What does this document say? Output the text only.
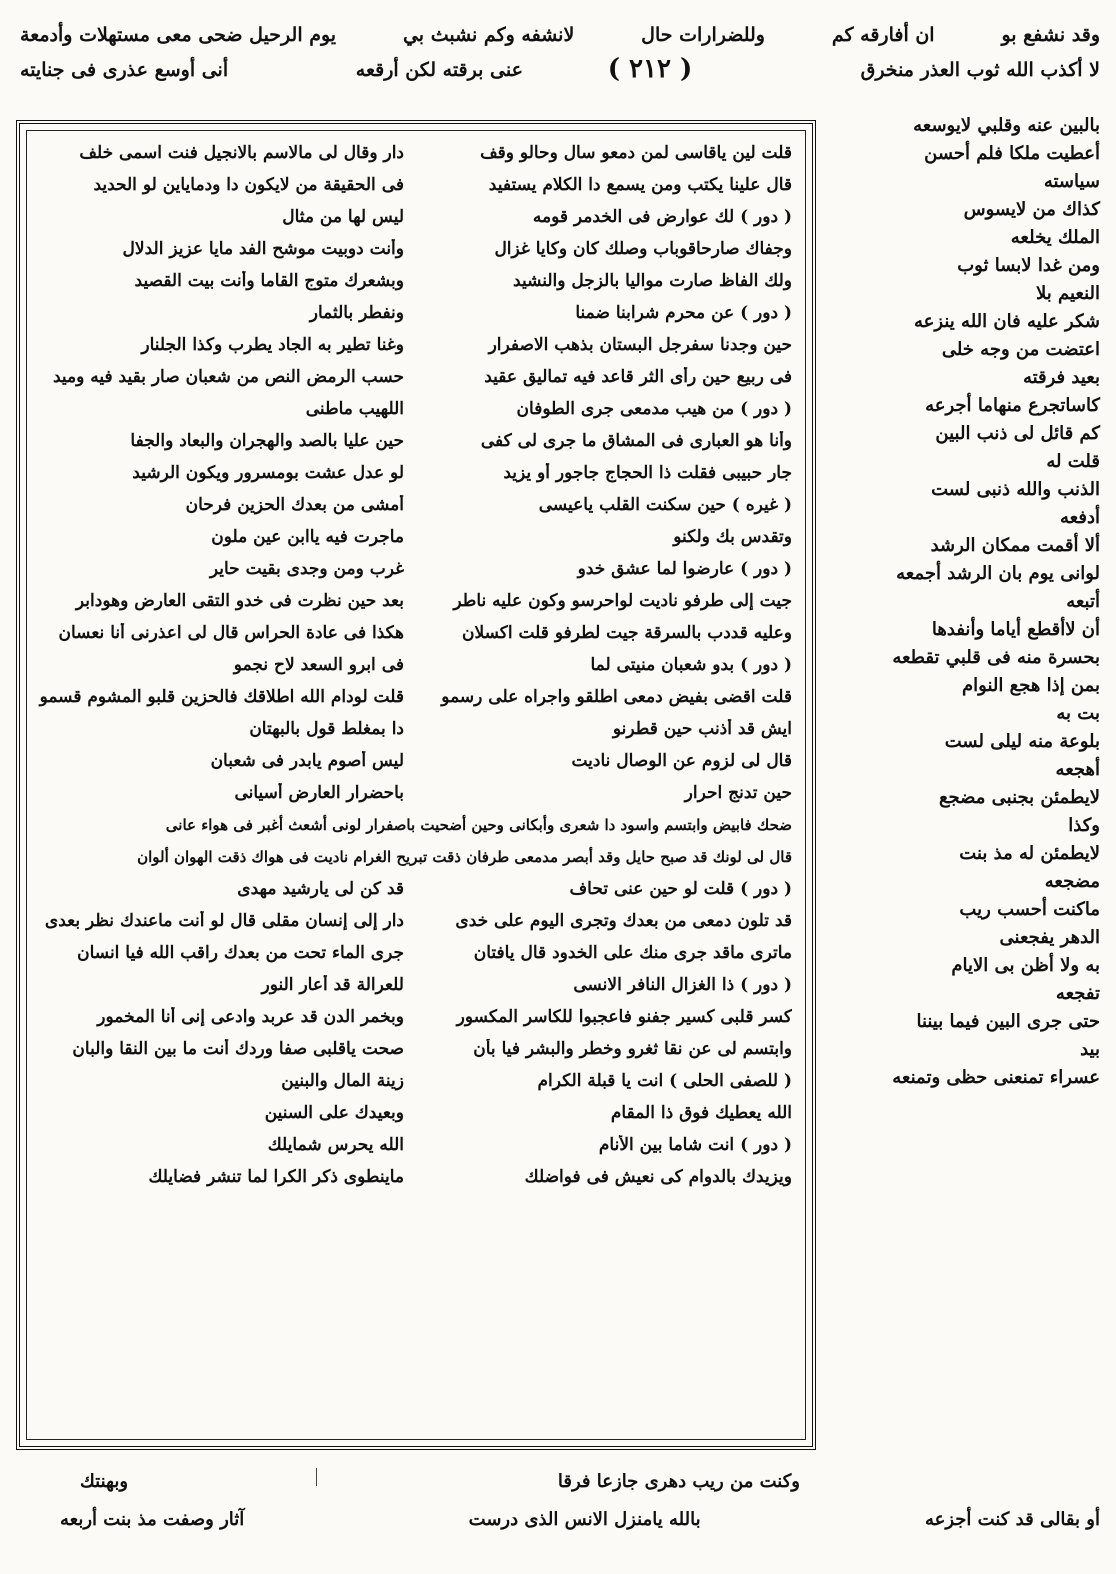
وقد نشفع بو
ان أفارقه كم
وللضرارات حال
لانشفه وكم نشبث بي
يوم الرحيل ضحى معى مستهلات وأدمعة
لا أكذب الله ثوب العذر منخرق
عنى برقته لكن أرقعه
أنى أوسع عذرى فى جنايته	( ۲۱۲ )
بالبين عنه وقلبي لايوسعه
أعطيت ملكا فلم أحسن
سياسته
كذاك من لايسوس
الملك يخلعه
ومن غدا لابسا ثوب
النعيم بلا
شكر عليه فان الله ينزعه
اعتضت من وجه خلى
بعيد فرقته
كاساتجرع منهاما أجرعه
كم قائل لى ذنب البين
قلت له
الذنب والله ذنبى لست
أدفعه
ألا أقمت ممكان الرشد
لوانى يوم بان الرشد أجمعه
أتبعه
أن لاأقطع أياما وأنفدها
بحسرة منه فى قلبي تقطعه
بمن إذا هجع النوام
بت به
بلوعة منه ليلى لست
أهجعه
لايطمئن بجنبى مضجع
وكذا
لايطمئن له مذ بنت
مضجعه
ماكنت أحسب ريب
الدهر يفجعنى
به ولا أظن بى الايام
تفجعه
حتى جرى البين فيما بيننا
بيد
عسراء تمنعنى حظى وتمنعه
قلت لين ياقاسى لمن دمعو سال وحالو وقف
دار وقال لى مالاسم بالانجيل فنت اسمى خلف
قال علينا يكتب ومن يسمع دا الكلام يستفيد
فى الحقيقة من لايكون دا ودماياين لو الحديد
( دور ) لك عوارض فى الخدمر قومه
ليس لها من مثال
وجفاك صارحاقوباب وصلك كان وكايا غزال
وأنت دوبيت موشح الفد مايا عزيز الدلال
ولك الفاظ صارت مواليا بالزجل والنشيد
وبشعرك متوج القاما وأنت بيت القصيد
( دور ) عن محرم شرابنا ضمنا
ونفطر بالثمار
حين وجدنا سفرجل البستان بذهب الاصفرار
وغنا تطير به الجاد يطرب وكذا الجلنار
فى ربيع حين رأى الثر قاعد فيه تماليق عقيد
حسب الرمض النص من شعبان صار بقيد فيه وميد
( دور ) من هيب مدمعى جرى الطوفان
اللهيب ماطنى
وأنا هو العبارى فى المشاق ما جرى لى كفى
حين عليا بالصد والهجران والبعاد والجفا
جار حبيبى فقلت ذا الحجاج جاجور أو يزيد
لو عدل عشت بومسرور ويكون الرشيد
( غيره ) حين سكنت القلب ياعيسى
أمشى من بعدك الحزين فرحان
وتقدس بك ولكنو
ماجرت فيه ياابن عين ملون
( دور ) عارضوا لما عشق خدو
غرب ومن وجدى بقيت حاير
جيت إلى طرفو ناديت لواحرسو وكون عليه ناطر
بعد حين نظرت فى خدو التقى العارض وهودابر
وعليه قددب بالسرقة جيت لطرفو قلت اكسلان
هكذا فى عادة الحراس قال لى اعذرنى أنا نعسان
( دور ) بدو شعبان منيتى لما
فى ابرو السعد لاح نجمو
قلت اقضى بفيض دمعى اطلقو واجراه على رسمو
قلت لودام الله اطلاقك فالحزين قلبو المشوم قسمو
ايش قد أذنب حين قطرنو
دا بمغلط قول بالبهتان
قال لى لزوم عن الوصال ناديت
ليس أصوم يابدر فى شعبان
حين تدنج احرار
باحضرار العارض أسيانى
ضحك فابيض وابتسم واسود دا شعرى وأبكانى وحين أضحيت باصفرار لونى أشعث أغبر فى هواء عانى
قال لى لونك قد صبح حايل وقد أبصر مدمعى طرفان ذقت تبريح الغرام ناديت فى هواك ذقت الهوان ألوان
( دور ) قلت لو حين عنى تحاف
قد كن لى يارشيد مهدى
قد تلون دمعى من بعدك وتجرى اليوم على خدى
دار إلى إنسان مقلى قال لو أنت ماعندك نظر بعدى
ماترى ماقد جرى منك على الخدود قال يافتان
جرى الماء تحت من بعدك راقب الله فيا انسان
( دور ) ذا الغزال النافر الانسى
للعرالة قد أعار النور
كسر قلبى كسير جفنو فاعجبوا للكاسر المكسور
وبخمر الدن قد عربد وادعى إنى أنا المخمور
وابتسم لى عن نقا ثغرو وخطر والبشر فيا بأن
صحت ياقلبى صفا وردك أنت ما بين النقا والبان
( للصفى الحلى ) انت يا قبلة الكرام
زينة المال والبنين
الله يعطيك فوق ذا المقام
وبعيدك على السنين
( دور ) انت شاما بين الأنام
الله يحرس شمايلك
ويزيدك بالدوام كى نعيش فى فواضلك
ماينطوى ذكر الكرا لما تنشر فضايلك
وكنت من ريب دهرى جازعا فرقا
وبهنتك
أو بقالى قد كنت أجزعه
بالله يامنزل الانس الذى درست
آثار وصفت مذ بنت أربعه
